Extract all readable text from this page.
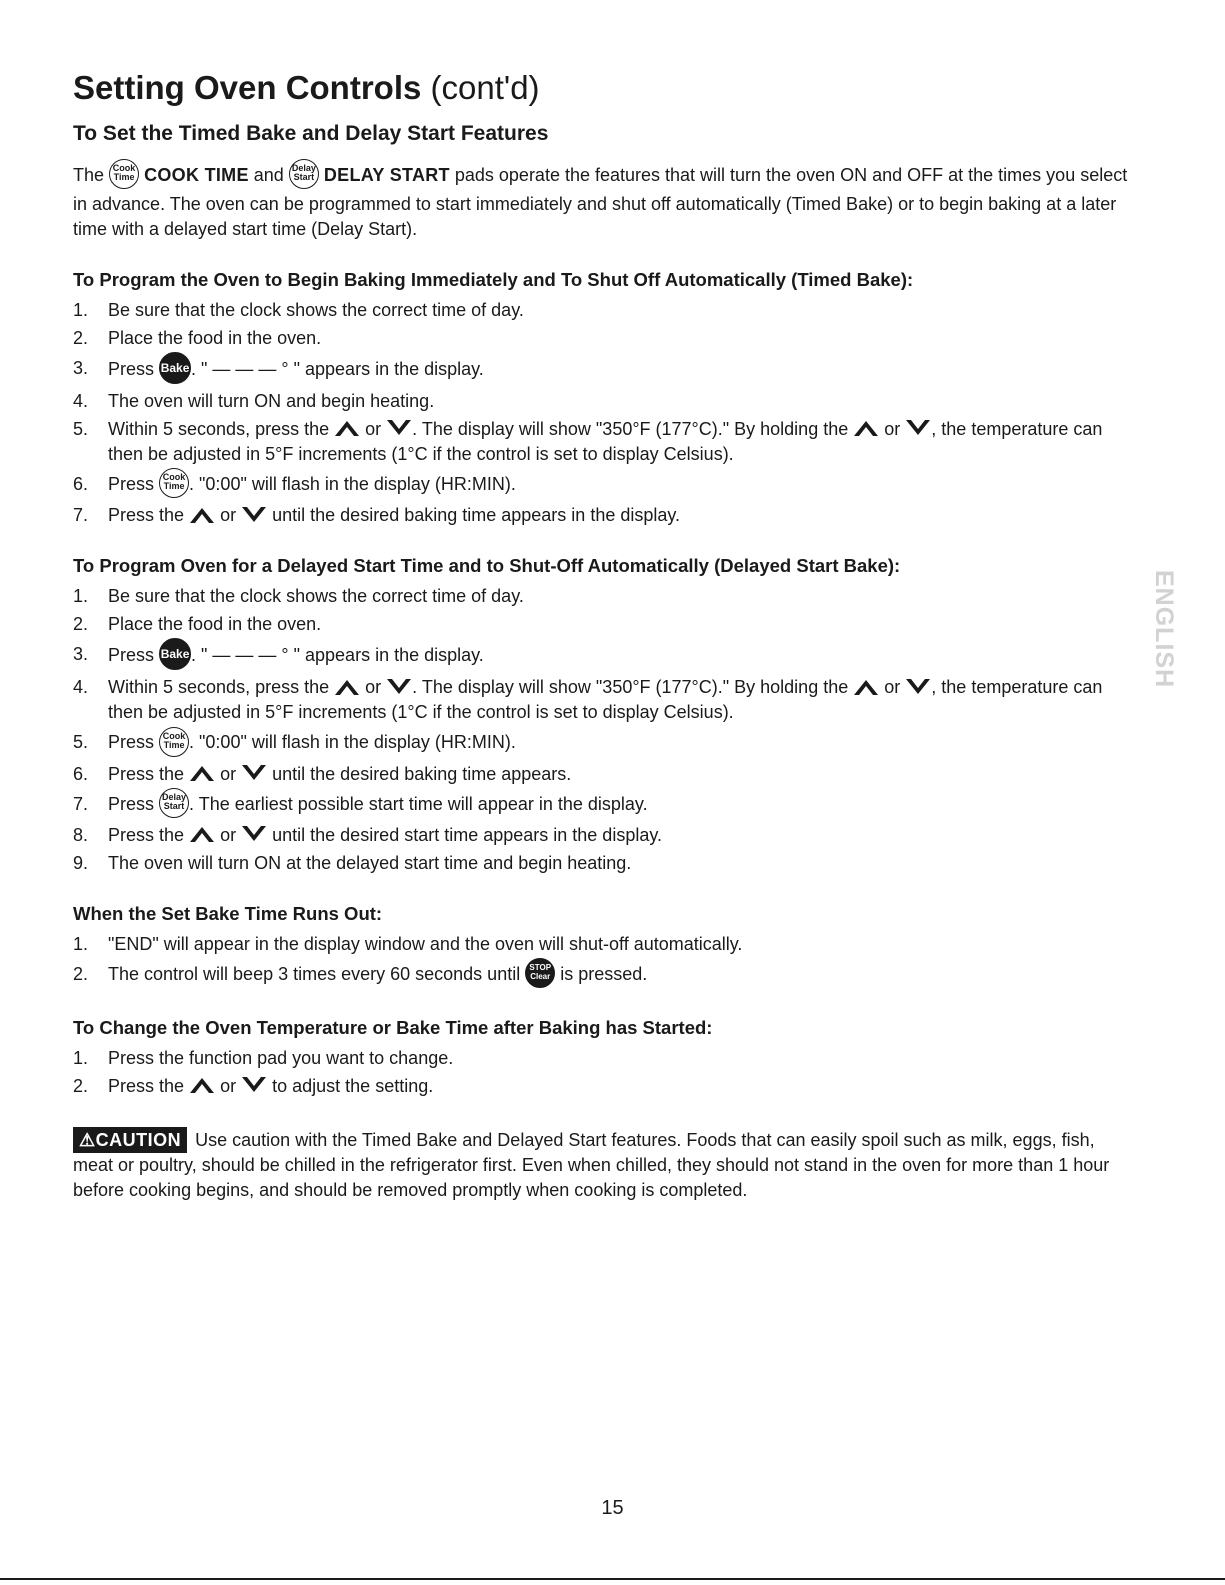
Setting Oven Controls (cont'd)
To Set the Timed Bake and Delay Start Features

The Cook
Time COOK TIME and Delay
Start DELAY START pads operate the features that will turn the oven ON and OFF at the times you select in advance. The oven can be programmed to start immediately and shut off automatically (Timed Bake) or to begin baking at a later time with a delayed start time (Delay Start).

To Program the Oven to Begin Baking Immediately and To Shut Off Automatically (Timed Bake):
1. Be sure that the clock shows the correct time of day.
2. Place the food in the oven.
3. Press Bake. " — — — ° " appears in the display.
4. The oven will turn ON and begin heating.
5. Within 5 seconds, press the or . The display will show "350°F (177°C)." By holding the or , the temperature can then be adjusted in 5°F increments (1°C if the control is set to display Celsius).
6. Press Cook
Time . "0:00" will flash in the display (HR:MIN).
7. Press the or until the desired baking time appears in the display.
To Program Oven for a Delayed Start Time and to Shut-Off Automatically (Delayed Start Bake):
1. Be sure that the clock shows the correct time of day.
2. Place the food in the oven.
3. Press Bake. " — — — ° " appears in the display.
4. Within 5 seconds, press the or . The display will show "350°F (177°C)." By holding the or , the temperature can then be adjusted in 5°F increments (1°C if the control is set to display Celsius).
5. Press Cook
Time . "0:00" will flash in the display (HR:MIN).
6. Press the or until the desired baking time appears.
7. Press Delay
Start . The earliest possible start time will appear in the display.
8. Press the or until the desired start time appears in the display.
9. The oven will turn ON at the delayed start time and begin heating.
When the Set Bake Time Runs Out:
1. "END" will appear in the display window and the oven will shut-off automatically.
2. The control will beep 3 times every 60 seconds until STOP
Clear is pressed.
To Change the Oven Temperature or Bake Time after Baking has Started:
1. Press the function pad you want to change.
2. Press the or to adjust the setting.

⚠CAUTION Use caution with the Timed Bake and Delayed Start features. Foods that can easily spoil such as milk, eggs, fish, meat or poultry, should be chilled in the refrigerator first. Even when chilled, they should not stand in the oven for more than 1 hour before cooking begins, and should be removed promptly when cooking is completed.

ENGLISH
15
